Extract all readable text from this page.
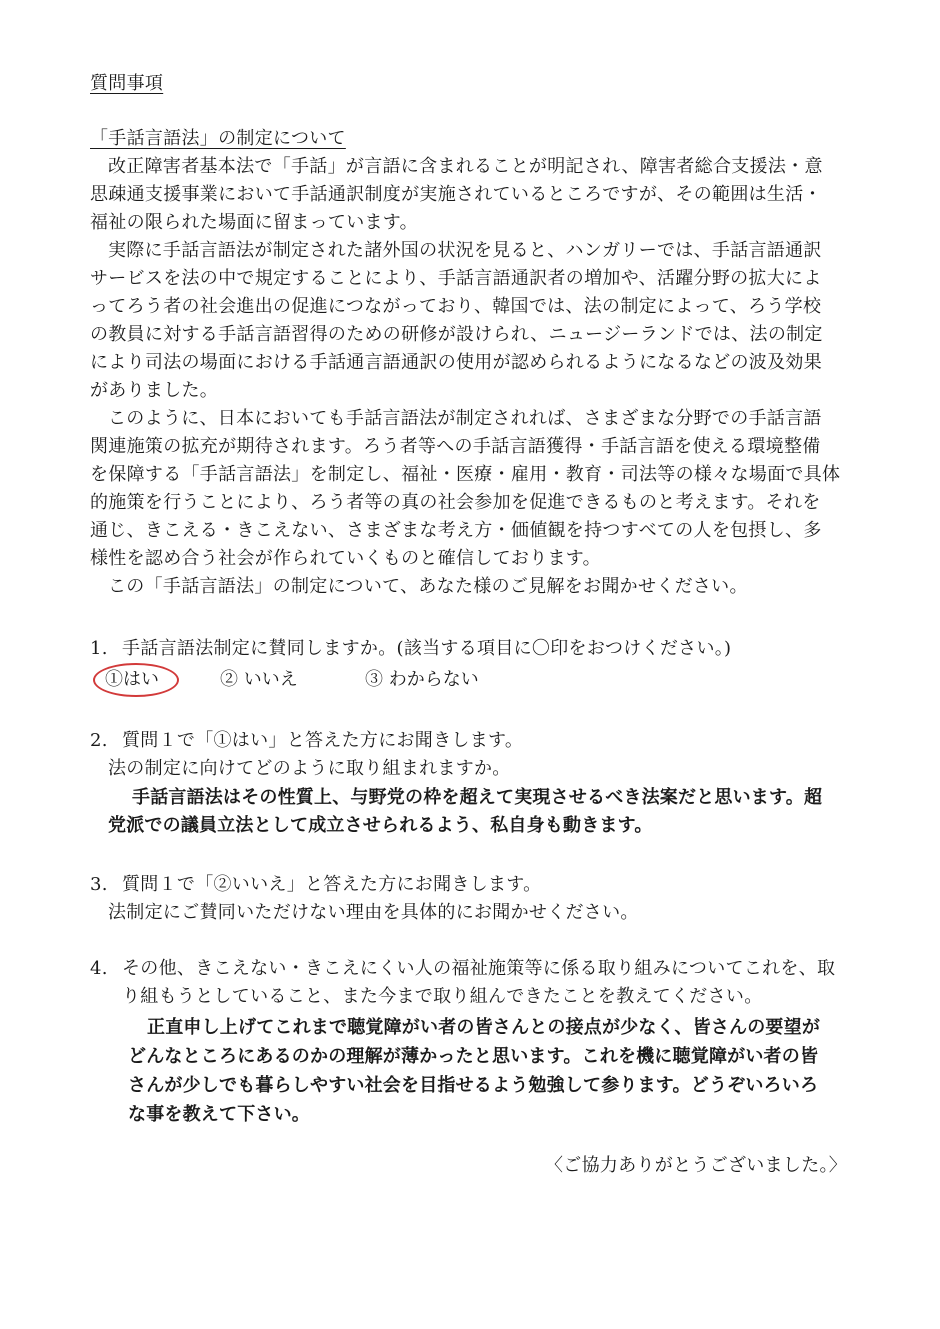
質問事項
「手話言語法」の制定について
改正障害者基本法で「手話」が言語に含まれることが明記され、障害者総合支援法・意
思疎通支援事業において手話通訳制度が実施されているところですが、その範囲は生活・
福祉の限られた場面に留まっています。
実際に手話言語法が制定された諸外国の状況を見ると、ハンガリーでは、手話言語通訳
サービスを法の中で規定することにより、手話言語通訳者の増加や、活躍分野の拡大によ
ってろう者の社会進出の促進につながっており、韓国では、法の制定によって、ろう学校
の教員に対する手話言語習得のための研修が設けられ、ニュージーランドでは、法の制定
により司法の場面における手話通言語通訳の使用が認められるようになるなどの波及効果
がありました。
このように、日本においても手話言語法が制定されれば、さまざまな分野での手話言語
関連施策の拡充が期待されます。ろう者等への手話言語獲得・手話言語を使える環境整備
を保障する「手話言語法」を制定し、福祉・医療・雇用・教育・司法等の様々な場面で具体
的施策を行うことにより、ろう者等の真の社会参加を促進できるものと考えます。それを
通じ、きこえる・きこえない、さまざまな考え方・価値観を持つすべての人を包摂し、多
様性を認め合う社会が作られていくものと確信しております。
この「手話言語法」の制定について、あなた様のご見解をお聞かせください。
1. 手話言語法制定に賛同しますか。(該当する項目に〇印をおつけください。)
①はい	② いいえ	③ わからない
2. 質問１で「①はい」と答えた方にお聞きします。
法の制定に向けてどのように取り組まれますか。
手話言語法はその性質上、与野党の枠を超えて実現させるべき法案だと思います。超
党派での議員立法として成立させられるよう、私自身も動きます。
3. 質問１で「②いいえ」と答えた方にお聞きします。
法制定にご賛同いただけない理由を具体的にお聞かせください。
4. その他、きこえない・きこえにくい人の福祉施策等に係る取り組みについてこれを、取
り組もうとしていること、また今まで取り組んできたことを教えてください。
正直申し上げてこれまで聴覚障がい者の皆さんとの接点が少なく、皆さんの要望が
どんなところにあるのかの理解が薄かったと思います。これを機に聴覚障がい者の皆
さんが少しでも暮らしやすい社会を目指せるよう勉強して参ります。どうぞいろいろ
な事を教えて下さい。
〈ご協力ありがとうございました。〉
